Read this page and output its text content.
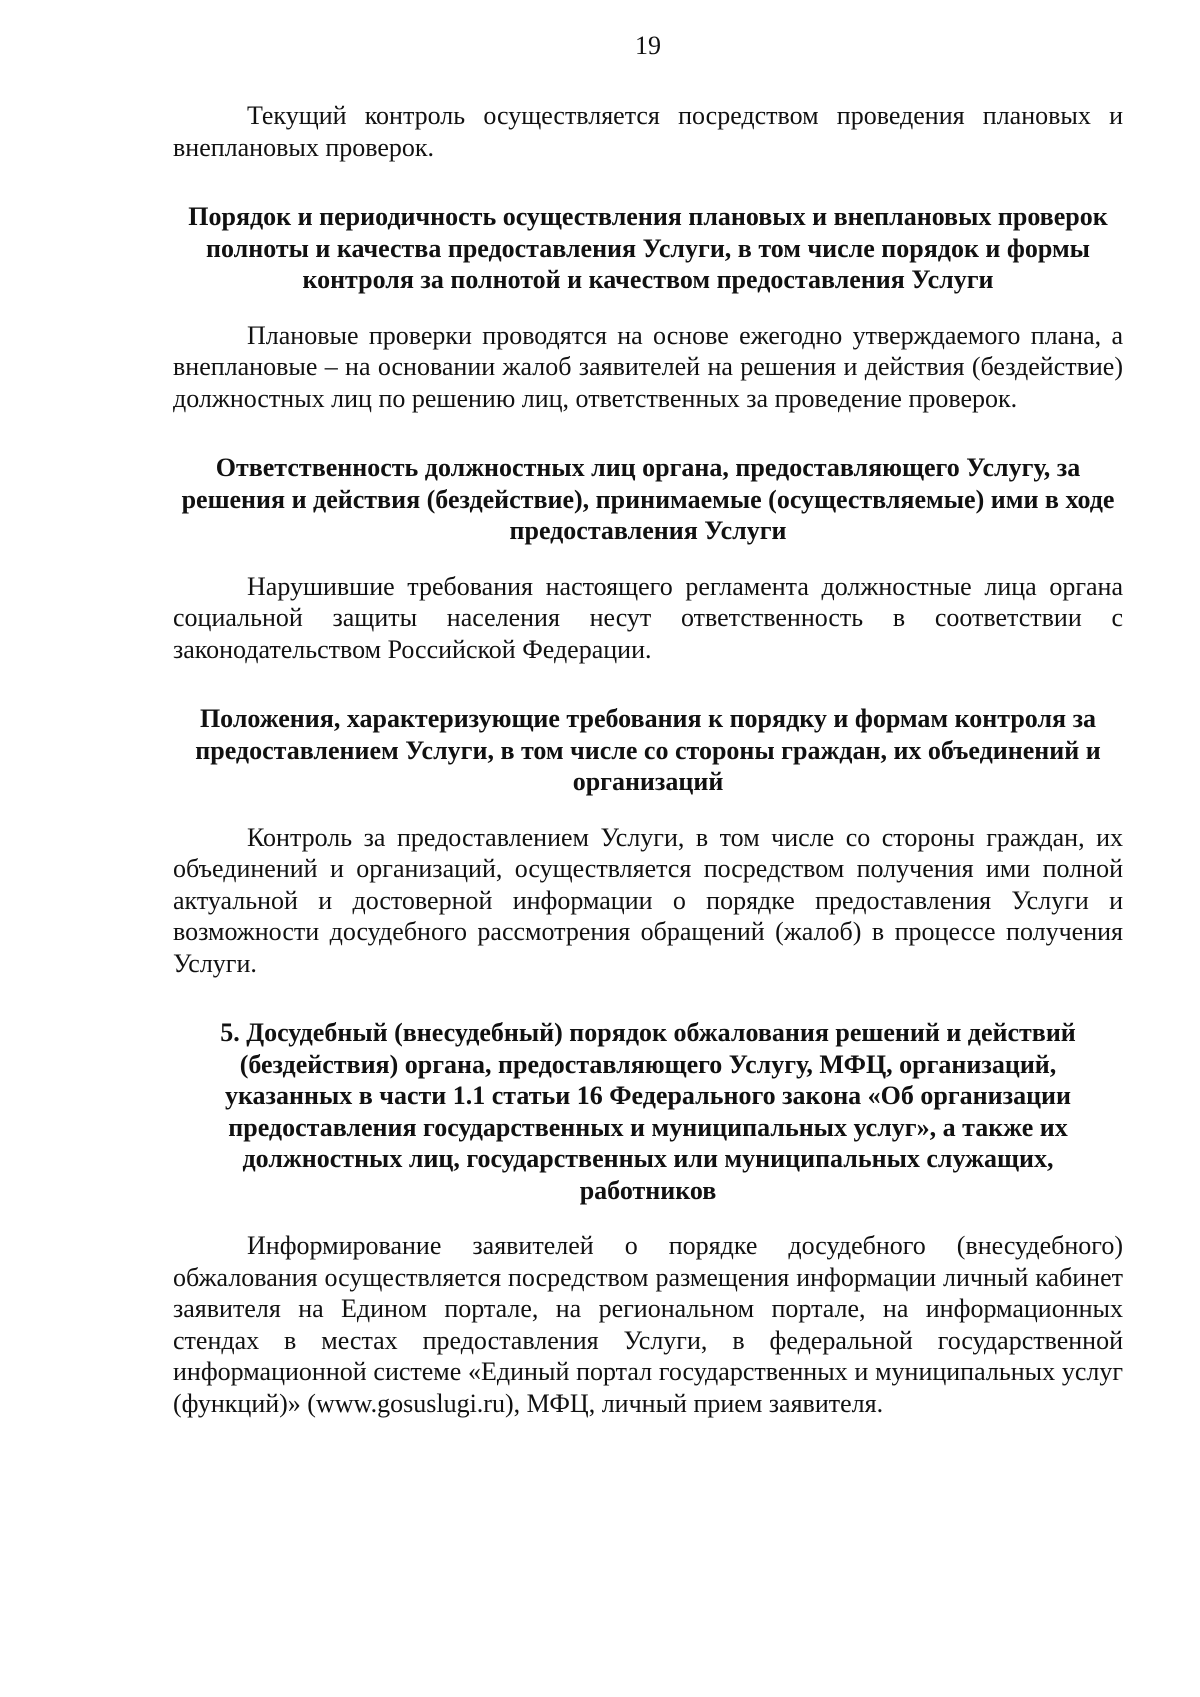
19

Текущий контроль осуществляется посредством проведения плановых и внеплановых проверок.

Порядок и периодичность осуществления плановых и внеплановых проверок полноты и качества предоставления Услуги, в том числе порядок и формы контроля за полнотой и качеством предоставления Услуги

Плановые проверки проводятся на основе ежегодно утверждаемого плана, а внеплановые – на основании жалоб заявителей на решения и действия (бездействие) должностных лиц по решению лиц, ответственных за проведение проверок.

Ответственность должностных лиц органа, предоставляющего Услугу, за решения и действия (бездействие), принимаемые (осуществляемые) ими в ходе предоставления Услуги

Нарушившие требования настоящего регламента должностные лица органа социальной защиты населения несут ответственность в соответствии с законодательством Российской Федерации.

Положения, характеризующие требования к порядку и формам контроля за предоставлением Услуги, в том числе со стороны граждан, их объединений и организаций

Контроль за предоставлением Услуги, в том числе со стороны граждан, их объединений и организаций, осуществляется посредством получения ими полной актуальной и достоверной информации о порядке предоставления Услуги и возможности досудебного рассмотрения обращений (жалоб) в процессе получения Услуги.

5. Досудебный (внесудебный) порядок обжалования решений и действий (бездействия) органа, предоставляющего Услугу, МФЦ, организаций, указанных в части 1.1 статьи 16 Федерального закона «Об организации предоставления государственных и муниципальных услуг», а также их должностных лиц, государственных или муниципальных служащих, работников

Информирование заявителей о порядке досудебного (внесудебного) обжалования осуществляется посредством размещения информации личный кабинет заявителя на Едином портале, на региональном портале, на информационных стендах в местах предоставления Услуги, в федеральной государственной информационной системе «Единый портал государственных и муниципальных услуг (функций)» (www.gosuslugi.ru), МФЦ, личный прием заявителя.
